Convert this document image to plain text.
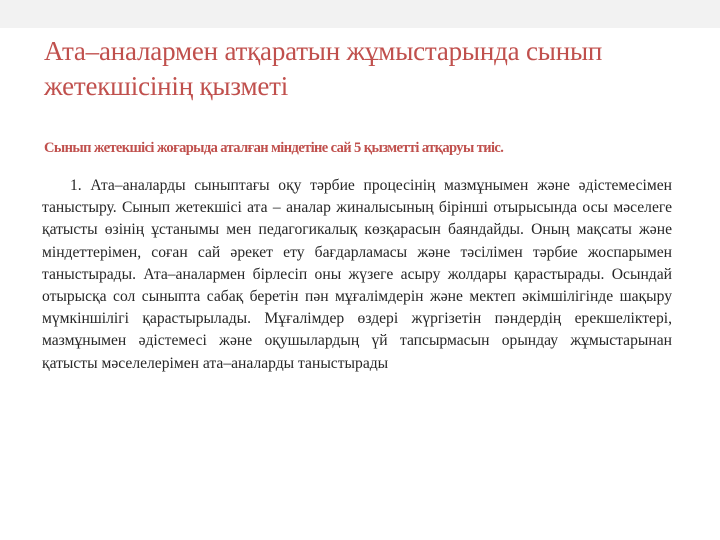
Ата–аналармен атқаратын жұмыстарында сынып жетекшісінің қызметі

Сынып жетекшісі жоғарыда аталған міндетіне сай 5 қызметті атқаруы тиіс.

1. Ата–аналарды сыныптағы оқу тәрбие процесінің мазмұнымен және әдістемесімен таныстыру. Сынып жетекшісі ата – аналар жиналысының бірінші отырысында осы мәселеге қатысты өзінің ұстанымы мен педагогикалық көзқарасын баяндайды. Оның мақсаты және міндеттерімен, соған сай әрекет ету бағдарламасы және тәсілімен тәрбие жоспарымен таныстырады. Ата–аналармен бірлесіп оны жүзеге асыру жолдары қарастырады. Осындай отырысқа сол сыныпта сабақ беретін пән мұғалімдерін және мектеп әкімшілігінде шақыру мүмкіншілігі қарастырылады. Мұғалімдер өздері жүргізетін пәндердің ерекшеліктері, мазмұнымен әдістемесі және оқушылардың үй тапсырмасын орындау жұмыстарынан қатысты мәселелерімен ата–аналарды таныстырады
